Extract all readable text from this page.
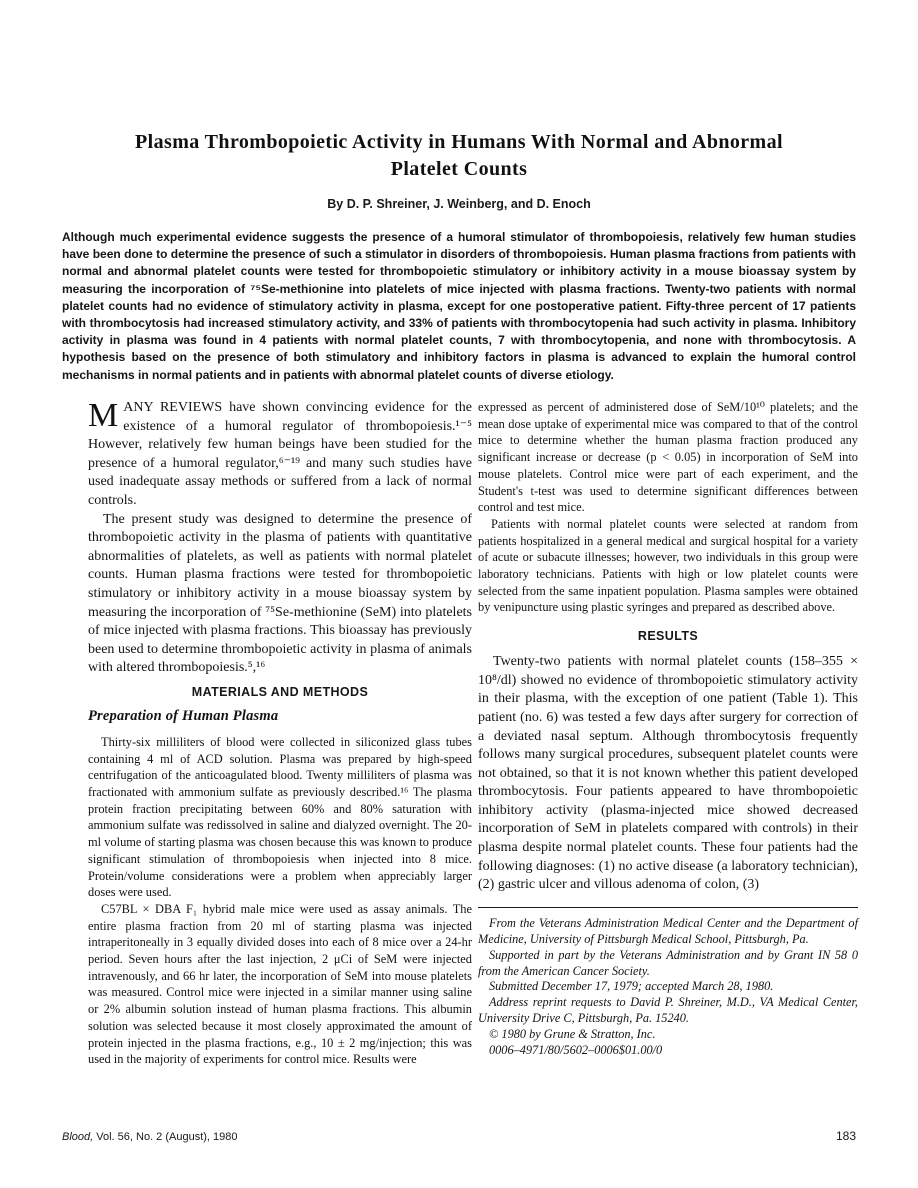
Plasma Thrombopoietic Activity in Humans With Normal and Abnormal Platelet Counts
By D. P. Shreiner, J. Weinberg, and D. Enoch
Although much experimental evidence suggests the presence of a humoral stimulator of thrombopoiesis, relatively few human studies have been done to determine the presence of such a stimulator in disorders of thrombopoiesis. Human plasma fractions from patients with normal and abnormal platelet counts were tested for thrombopoietic stimulatory or inhibitory activity in a mouse bioassay system by measuring the incorporation of ⁷⁵Se-methionine into platelets of mice injected with plasma fractions. Twenty-two patients with normal platelet counts had no evidence of stimulatory activity in plasma, except for one postoperative patient. Fifty-three percent of 17 patients with thrombocytosis had increased stimulatory activity, and 33% of patients with thrombocytopenia had such activity in plasma. Inhibitory activity in plasma was found in 4 patients with normal platelet counts, 7 with thrombocytopenia, and none with thrombocytosis. A hypothesis based on the presence of both stimulatory and inhibitory factors in plasma is advanced to explain the humoral control mechanisms in normal patients and in patients with abnormal platelet counts of diverse etiology.

MANY REVIEWS have shown convincing evidence for the existence of a humoral regulator of thrombopoiesis.¹⁻⁵ However, relatively few human beings have been studied for the presence of a humoral regulator,⁶⁻¹⁹ and many such studies have used inadequate assay methods or suffered from a lack of normal controls.

The present study was designed to determine the presence of thrombopoietic activity in the plasma of patients with quantitative abnormalities of platelets, as well as patients with normal platelet counts. Human plasma fractions were tested for thrombopoietic stimulatory or inhibitory activity in a mouse bioassay system by measuring the incorporation of ⁷⁵Se-methionine (SeM) into platelets of mice injected with plasma fractions. This bioassay has previously been used to determine thrombopoietic activity in plasma of animals with altered thrombopoiesis.⁵,¹⁶

MATERIALS AND METHODS
Preparation of Human Plasma

Thirty-six milliliters of blood were collected in siliconized glass tubes containing 4 ml of ACD solution. Plasma was prepared by high-speed centrifugation of the anticoagulated blood. Twenty milliliters of plasma was fractionated with ammonium sulfate as previously described.¹⁶ The plasma protein fraction precipitating between 60% and 80% saturation with ammonium sulfate was redissolved in saline and dialyzed overnight. The 20-ml volume of starting plasma was chosen because this was known to produce significant stimulation of thrombopoiesis when injected into 8 mice. Protein/volume considerations were a problem when appreciably larger doses were used.

C57BL × DBA F₁ hybrid male mice were used as assay animals. The entire plasma fraction from 20 ml of starting plasma was injected intraperitoneally in 3 equally divided doses into each of 8 mice over a 24-hr period. Seven hours after the last injection, 2 μCi of SeM were injected intravenously, and 66 hr later, the incorporation of SeM into mouse platelets was measured. Control mice were injected in a similar manner using saline or 2% albumin solution instead of human plasma fractions. This albumin solution was selected because it most closely approximated the amount of protein injected in the plasma fractions, e.g., 10 ± 2 mg/injection; this was used in the majority of experiments for control mice. Results were

expressed as percent of administered dose of SeM/10¹⁰ platelets; and the mean dose uptake of experimental mice was compared to that of the control mice to determine whether the human plasma fraction produced any significant increase or decrease (p < 0.05) in incorporation of SeM into mouse platelets. Control mice were part of each experiment, and the Student's t-test was used to determine significant differences between control and test mice.

Patients with normal platelet counts were selected at random from patients hospitalized in a general medical and surgical hospital for a variety of acute or subacute illnesses; however, two individuals in this group were laboratory technicians. Patients with high or low platelet counts were selected from the same inpatient population. Plasma samples were obtained by venipuncture using plastic syringes and prepared as described above.

RESULTS

Twenty-two patients with normal platelet counts (158–355 × 10⁸/dl) showed no evidence of thrombopoietic stimulatory activity in their plasma, with the exception of one patient (Table 1). This patient (no. 6) was tested a few days after surgery for correction of a deviated nasal septum. Although thrombocytosis frequently follows many surgical procedures, subsequent platelet counts were not obtained, so that it is not known whether this patient developed thrombocytosis. Four patients appeared to have thrombopoietic inhibitory activity (plasma-injected mice showed decreased incorporation of SeM in platelets compared with controls) in their plasma despite normal platelet counts. These four patients had the following diagnoses: (1) no active disease (a laboratory technician), (2) gastric ulcer and villous adenoma of colon, (3)

From the Veterans Administration Medical Center and the Department of Medicine, University of Pittsburgh Medical School, Pittsburgh, Pa.

Supported in part by the Veterans Administration and by Grant IN 58 0 from the American Cancer Society.

Submitted December 17, 1979; accepted March 28, 1980.

Address reprint requests to David P. Shreiner, M.D., VA Medical Center, University Drive C, Pittsburgh, Pa. 15240.

© 1980 by Grune & Stratton, Inc.

0006–4971/80/5602–0006$01.00/0

Blood, Vol. 56, No. 2 (August), 1980	183
